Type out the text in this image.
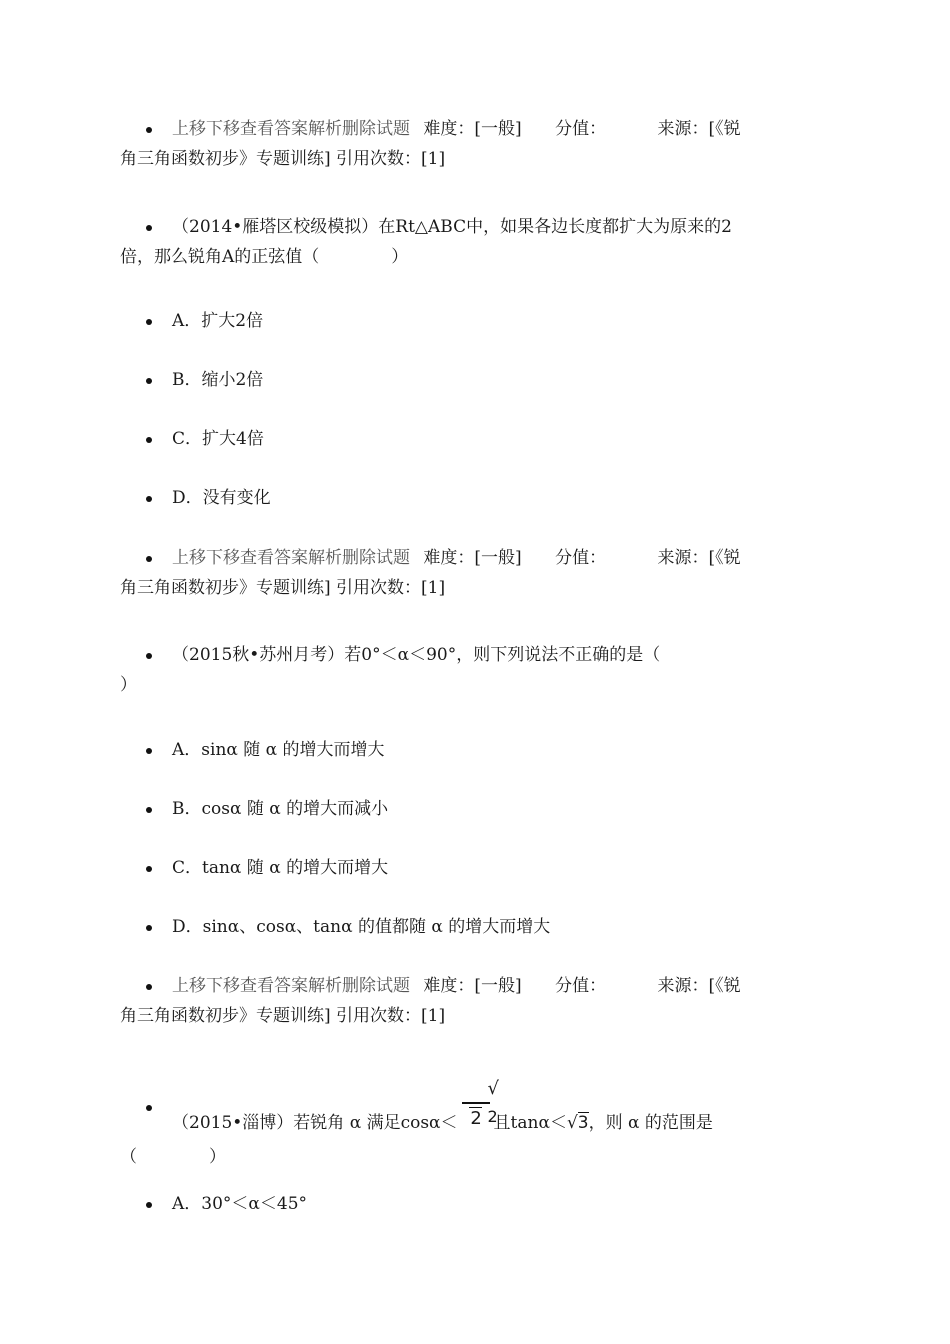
上移下移查看答案解析删除试题 难度：[一般] 分值：	来源：[《锐
角三角函数初步》专题训练] 引用次数：[1]
（2014•雁塔区校级模拟）在Rt△ABC中，如果各边长度都扩大为原来的2
倍，那么锐角A的正弦值（	）
A．扩大2倍
B．缩小2倍
C．扩大4倍
D．没有变化
上移下移查看答案解析删除试题 难度：[一般] 分值：	来源：[《锐
角三角函数初步》专题训练] 引用次数：[1]
（2015秋•苏州月考）若0°＜α＜90°，则下列说法不正确的是（
）
A．sinα 随 α 的增大而增大
B．cosα 随 α 的增大而减小
C．tanα 随 α 的增大而增大
D．sinα、cosα、tanα 的值都随 α 的增大而增大
上移下移查看答案解析删除试题 难度：[一般] 分值：	来源：[《锐
角三角函数初步》专题训练] 引用次数：[1]
（2015•淄博）若锐角 α 满足cosα＜
√2 2
且tanα＜√3，则 α 的范围是
（	）
A．30°＜α＜45°
